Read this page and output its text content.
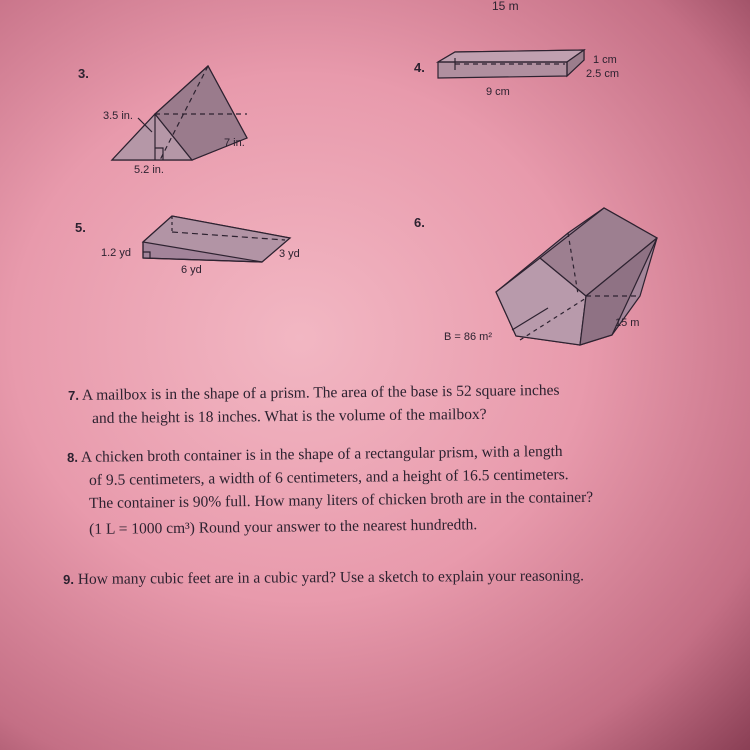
15 m
3.	4.
5.	6.
3.5 in.
7 in.
5.2 in.
1 cm
2.5 cm
9 cm
1.2 yd
6 yd
3 yd
B = 86 m²
15 m
7. A mailbox is in the shape of a prism. The area of the base is 52 square inches
and the height is 18 inches. What is the volume of the mailbox?
8. A chicken broth container is in the shape of a rectangular prism, with a length
of 9.5 centimeters, a width of 6 centimeters, and a height of 16.5 centimeters.
The container is 90% full. How many liters of chicken broth are in the container?
(1 L = 1000 cm³) Round your answer to the nearest hundredth.
9. How many cubic feet are in a cubic yard? Use a sketch to explain your reasoning.
